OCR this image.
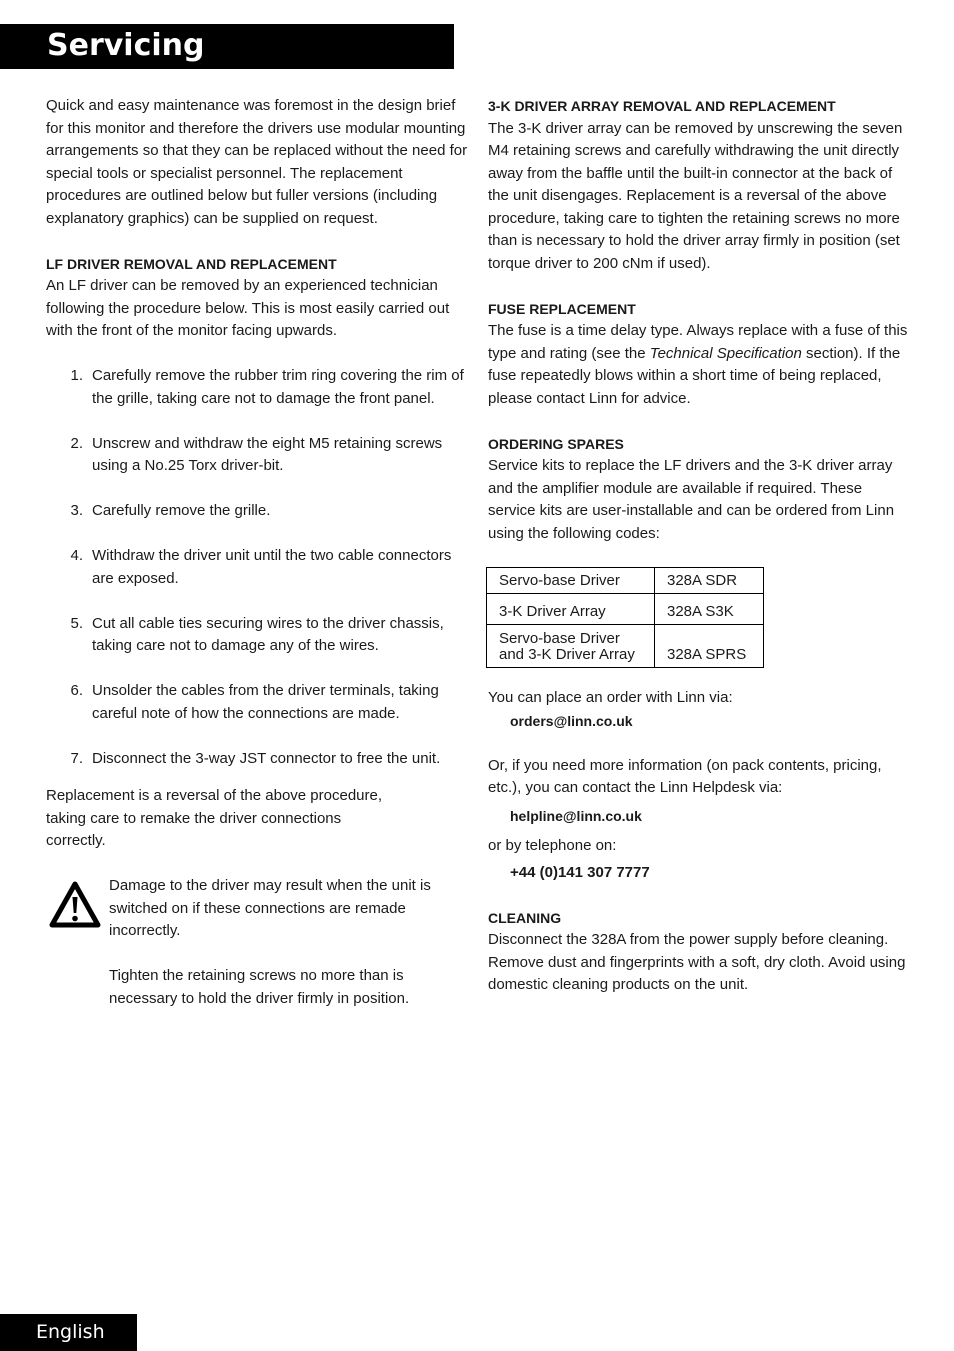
Servicing

Quick and easy maintenance was foremost in the design brief for this monitor and therefore the drivers use modular mounting arrangements so that they can be replaced without the need for special tools or specialist personnel. The replacement procedures are outlined below but fuller versions (including explanatory graphics) can be supplied on request.

LF DRIVER REMOVAL AND REPLACEMENT

An LF driver can be removed by an experienced technician following the procedure below. This is most easily carried out with the front of the monitor facing upwards.

1. Carefully remove the rubber trim ring covering the rim of the grille, taking care not to damage the front panel.
2. Unscrew and withdraw the eight M5 retaining screws using a No.25 Torx driver-bit.
3. Carefully remove the grille.
4. Withdraw the driver unit until the two cable connectors are exposed.
5. Cut all cable ties securing wires to the driver chassis, taking care not to damage any of the wires.
6. Unsolder the cables from the driver terminals, taking careful note of how the connections are made.
7. Disconnect the 3-way JST connector to free the unit.

Replacement is a reversal of the above procedure,
taking care to remake the driver connections
correctly.

Damage to the driver may result when the unit is switched on if these connections are remade incorrectly.

Tighten the retaining screws no more than is necessary to hold the driver firmly in position.

3-K DRIVER ARRAY REMOVAL AND REPLACEMENT

The 3-K driver array can be removed by unscrewing the seven M4 retaining screws and carefully withdrawing the unit directly away from the baffle until the built-in connector at the back of the unit disengages. Replacement is a reversal of the above procedure, taking care to tighten the retaining screws no more than is necessary to hold the driver array firmly in position (set torque driver to 200 cNm if used).

FUSE REPLACEMENT

The fuse is a time delay type. Always replace with a fuse of this type and rating (see the Technical Specification section). If the fuse repeatedly blows within a short time of being replaced, please contact Linn for advice.

ORDERING SPARES

Service kits to replace the LF drivers and the 3-K driver array and the amplifier module are available if required. These service kits are user-installable and can be ordered from Linn using the following codes:

Servo-base Driver	328A SDR
3-K Driver Array	328A S3K
Servo-base Driver
and 3-K Driver Array	328A SPRS

You can place an order with Linn via:

orders@linn.co.uk

Or, if you need more information (on pack contents, pricing, etc.), you can contact the Linn Helpdesk via:

helpline@linn.co.uk

or by telephone on:

+44 (0)141 307 7777

CLEANING

Disconnect the 328A from the power supply before cleaning. Remove dust and fingerprints with a soft, dry cloth. Avoid using domestic cleaning products on the unit.

English
